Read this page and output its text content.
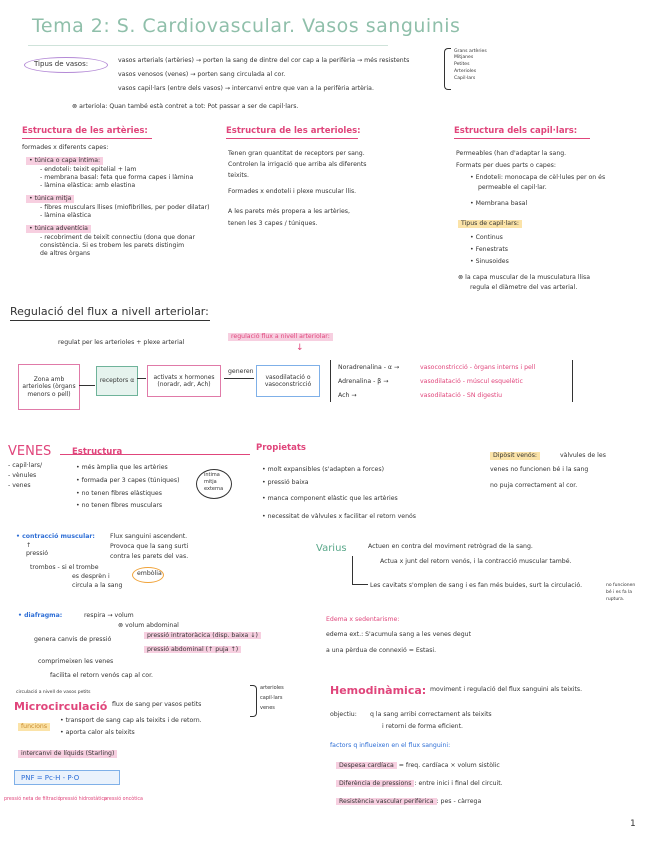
Tema 2: S. Cardiovascular. Vasos sanguinis
Tipus de vasos:	vasos arterials (artèries) → porten la sang de dintre del cor cap a la perifèria → més resistents
vasos venosos (venes) → porten sang circulada al cor.
vasos capil·lars (entre dels vasos) → intercanvi entre que van a la perifèria artèria.
Grans artèries
Mitjanes
Petites
Arterioles
Capil·lars
⊗ arteriola: Quan també està contret a tot: Pot passar a ser de capil·lars.
Estructura de les artèries:
formades x diferents capes:
• túnica o capa íntima:
- endoteli: teixit epitelial + lam
- membrana basal: feta que forma capes i làmina
- làmina elàstica: amb elastina
• túnica mitja
- fibres musculars llises (miofibrilles, per poder dilatar)
- làmina elàstica
• túnica adventícia
- recobriment de teixit connectiu (dona que donar
consistència. Si es trobem les parets distingim
de altres òrgans
Estructura de les arterioles:
Tenen gran quantitat de receptors per sang.
Controlen la irrigació que arriba als diferents
teixits.
Formades x endoteli i plexe muscular llis.
A les parets més propera a les artèries,
tenen les 3 capes / túniques.
Estructura dels capil·lars:
Permeables (han d'adaptar la sang.
Formats per dues parts o capes:
• Endoteli: monocapa de cèl·lules per on és
permeable el capil·lar.
• Membrana basal
Tipus de capil·lars:
• Continus
• Fenestrats
• Sinusoides
⊗ la capa muscular de la musculatura llisa
regula el diàmetre del vas arterial.
Regulació del flux a nivell arteriolar:
regulat per les arterioles + plexe arterial
regulació flux a nivell arteriolar:
↓
Zona amb arterioles (òrgans menors o pell)
receptors α
activats x hormones (noradr, adr, Ach)
generen
vasodilatació o vasoconstricció
Noradrenalina - α →	vasoconstricció - òrgans interns i pell
Adrenalina - β →	vasodilatació - múscul esquelètic
Ach →	vasodilatació - SN digestiu
VENES Estructura
- capil·lars/
- vènules
- venes
• més àmplia que les artèries
• formada per 3 capes (túniques)
• no tenen fibres elàstiques
• no tenen fibres musculars
íntima
mitja
externa
Propietats
• molt expansibles (s'adapten a forces)
• pressió baixa
• manca component elàstic que les artèries
• necessitat de vàlvules x facilitar el retorn venós
Dipòsit venós:	vàlvules de les
venes no funcionen bé i la sang
no puja correctament al cor.
• contracció muscular: Flux sanguini ascendent.
Provoca que la sang surti
contra les parets del vas.
↑
pressió
trombos - si el trombe
es desprèn i
circula a la sang
embòlia
Varius	Actuen en contra del moviment retrògrad de la sang.
Actua x junt del retorn venós, i la contracció muscular també.
Les cavitats s'omplen de sang i es fan més buides, surt la circulació.	no funcionen
bé i es fa la
ruptura.
• diafragma:	respira → volum
⊗ volum abdominal
genera canvis de pressió
comprimeixen les venes
facilita el retorn venós cap al cor.
pressió intratoràcica (disp. baixa ↓)
pressió abdominal (↑ puja ↑)
Edema x sedentarisme:
edema ext.: S'acumula sang a les venes degut
a una pèrdua de connexió = Estasi.
circulació a nivell de vasos petits
Microcirculació flux de sang per vasos petits
arterioles
capil·lars
venes
funcions
• transport de sang cap als teixits i de retorn.
• aporta calor als teixits
intercanvi de líquids (Starling)
PNF = Pc·H - P·O
pressió neta de filtració pressió hidrostàtica
pressió oncòtica
Hemodinàmica: moviment i regulació del flux sanguini als teixits.
objectiu: q la sang arribi correctament als teixits
i retorni de forma eficient.
factors q influeixen en el flux sanguini:
Despesa cardíaca = freq. cardíaca × volum sistòlic
Diferència de pressions : entre inici i final del circuit.
Resistència vascular perifèrica : pes - càrrega
1
